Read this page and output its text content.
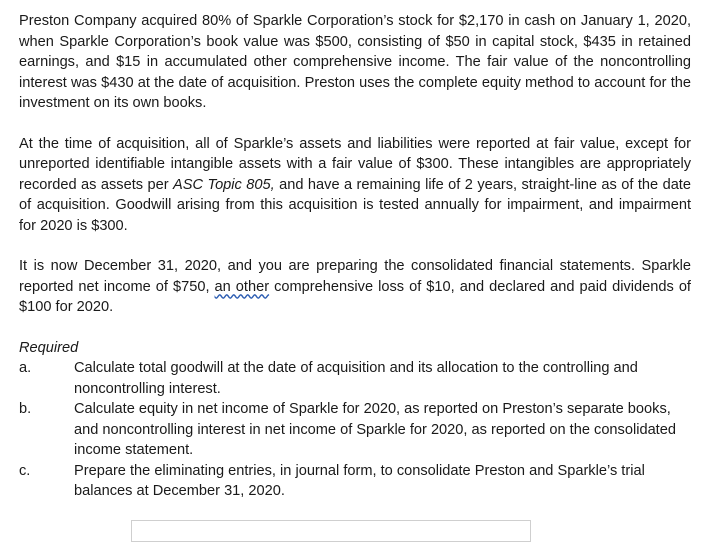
Preston Company acquired 80% of Sparkle Corporation’s stock for $2,170 in cash on January 1, 2020, when Sparkle Corporation’s book value was $500, consisting of $50 in capital stock, $435 in retained earnings, and $15 in accumulated other comprehensive income. The fair value of the noncontrolling interest was $430 at the date of acquisition. Preston uses the complete equity method to account for the investment on its own books.

At the time of acquisition, all of Sparkle’s assets and liabilities were reported at fair value, except for unreported identifiable intangible assets with a fair value of $300. These intangibles are appropriately recorded as assets per ASC Topic 805, and have a remaining life of 2 years, straight-line as of the date of acquisition. Goodwill arising from this acquisition is tested annually for impairment, and impairment for 2020 is $300.

It is now December 31, 2020, and you are preparing the consolidated financial statements. Sparkle reported net income of $750, an other comprehensive loss of $10, and declared and paid dividends of $100 for 2020.

Required
a.	Calculate total goodwill at the date of acquisition and its allocation to the controlling and noncontrolling interest.
b.	Calculate equity in net income of Sparkle for 2020, as reported on Preston’s separate books, and noncontrolling interest in net income of Sparkle for 2020, as reported on the consolidated income statement.
c.	Prepare the eliminating entries, in journal form, to consolidate Preston and Sparkle’s trial balances at December 31, 2020.
